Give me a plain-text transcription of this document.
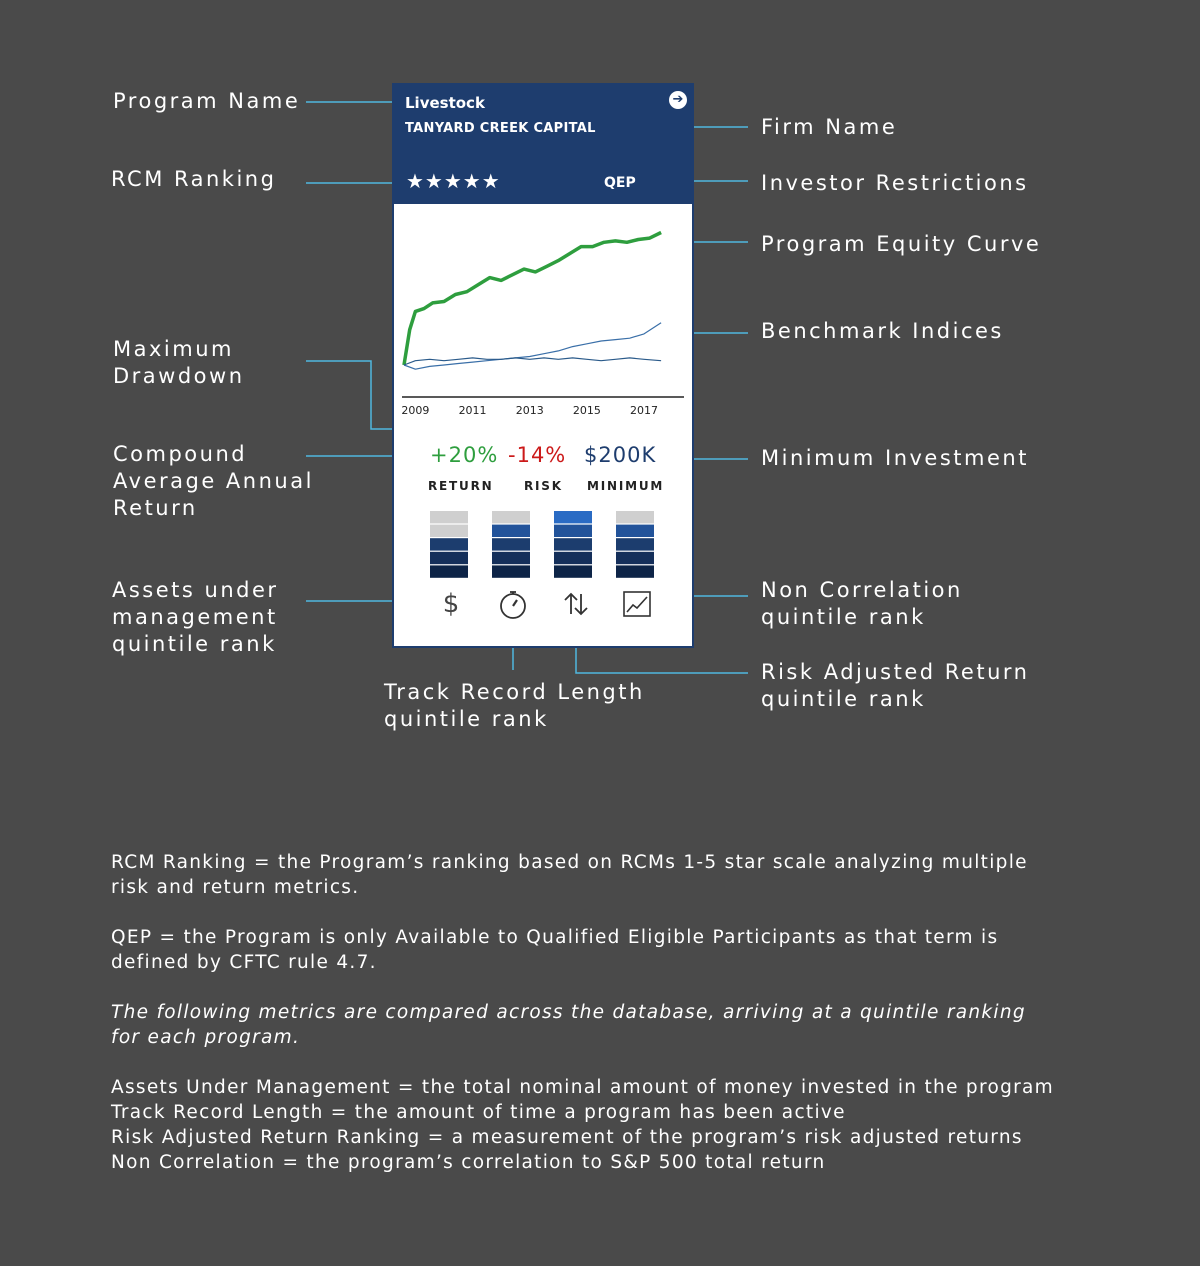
Program Name
Firm Name
RCM Ranking	Investor Restrictions
Program Equity Curve
Benchmark Indices
Maximum
Drawdown
Compound
Average Annual
Return
Minimum Investment
Assets under
management
quintile rank
Non Correlation
quintile rank
Risk Adjusted Return
quintile rank
Track Record Length
quintile rank
Livestock
TANYARD CREEK CAPITAL
➔
★★★★★	QEP
2009	2011	2013	2015	2017
+20% -14% $200K
RETURN	RISK MINIMUM
$
RCM Ranking = the Program’s ranking based on RCMs 1-5 star scale analyzing multiple
risk and return metrics.
QEP = the Program is only Available to Qualified Eligible Participants as that term is
defined by CFTC rule 4.7.
The following metrics are compared across the database, arriving at a quintile ranking
for each program.
Assets Under Management = the total nominal amount of money invested in the program
Track Record Length = the amount of time a program has been active
Risk Adjusted Return Ranking = a measurement of the program’s risk adjusted returns
Non Correlation = the program’s correlation to S&P 500 total return
